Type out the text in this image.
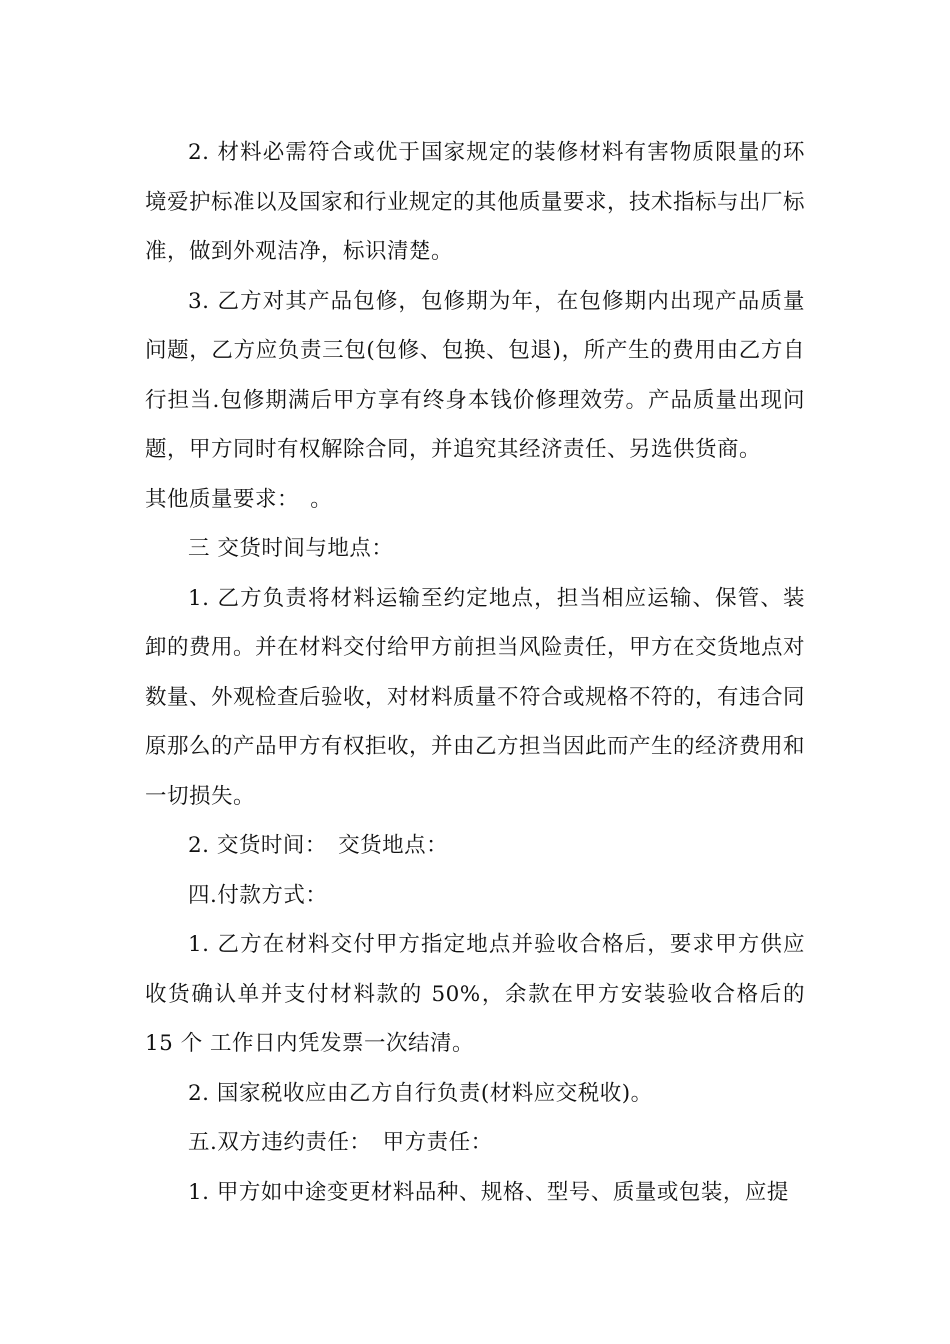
2. 材料必需符合或优于国家规定的装修材料有害物质限量的环境爱护标准以及国家和行业规定的其他质量要求，技术指标与出厂标准，做到外观洁净，标识清楚。

3. 乙方对其产品包修，包修期为年，在包修期内出现产品质量问题，乙方应负责三包(包修、包换、包退)，所产生的费用由乙方自行担当.包修期满后甲方享有终身本钱价修理效劳。产品质量出现问题，甲方同时有权解除合同，并追究其经济责任、另选供货商。

其他质量要求：　。

三 交货时间与地点：

1. 乙方负责将材料运输至约定地点，担当相应运输、保管、装卸的费用。并在材料交付给甲方前担当风险责任，甲方在交货地点对数量、外观检查后验收，对材料质量不符合或规格不符的，有违合同原那么的产品甲方有权拒收，并由乙方担当因此而产生的经济费用和一切损失。

2. 交货时间：　交货地点：

四.付款方式：

1. 乙方在材料交付甲方指定地点并验收合格后，要求甲方供应收货确认单并支付材料款的 50%，余款在甲方安装验收合格后的 15 个 工作日内凭发票一次结清。

2. 国家税收应由乙方自行负责(材料应交税收)。

五.双方违约责任：　甲方责任：

1. 甲方如中途变更材料品种、规格、型号、质量或包装，应提
